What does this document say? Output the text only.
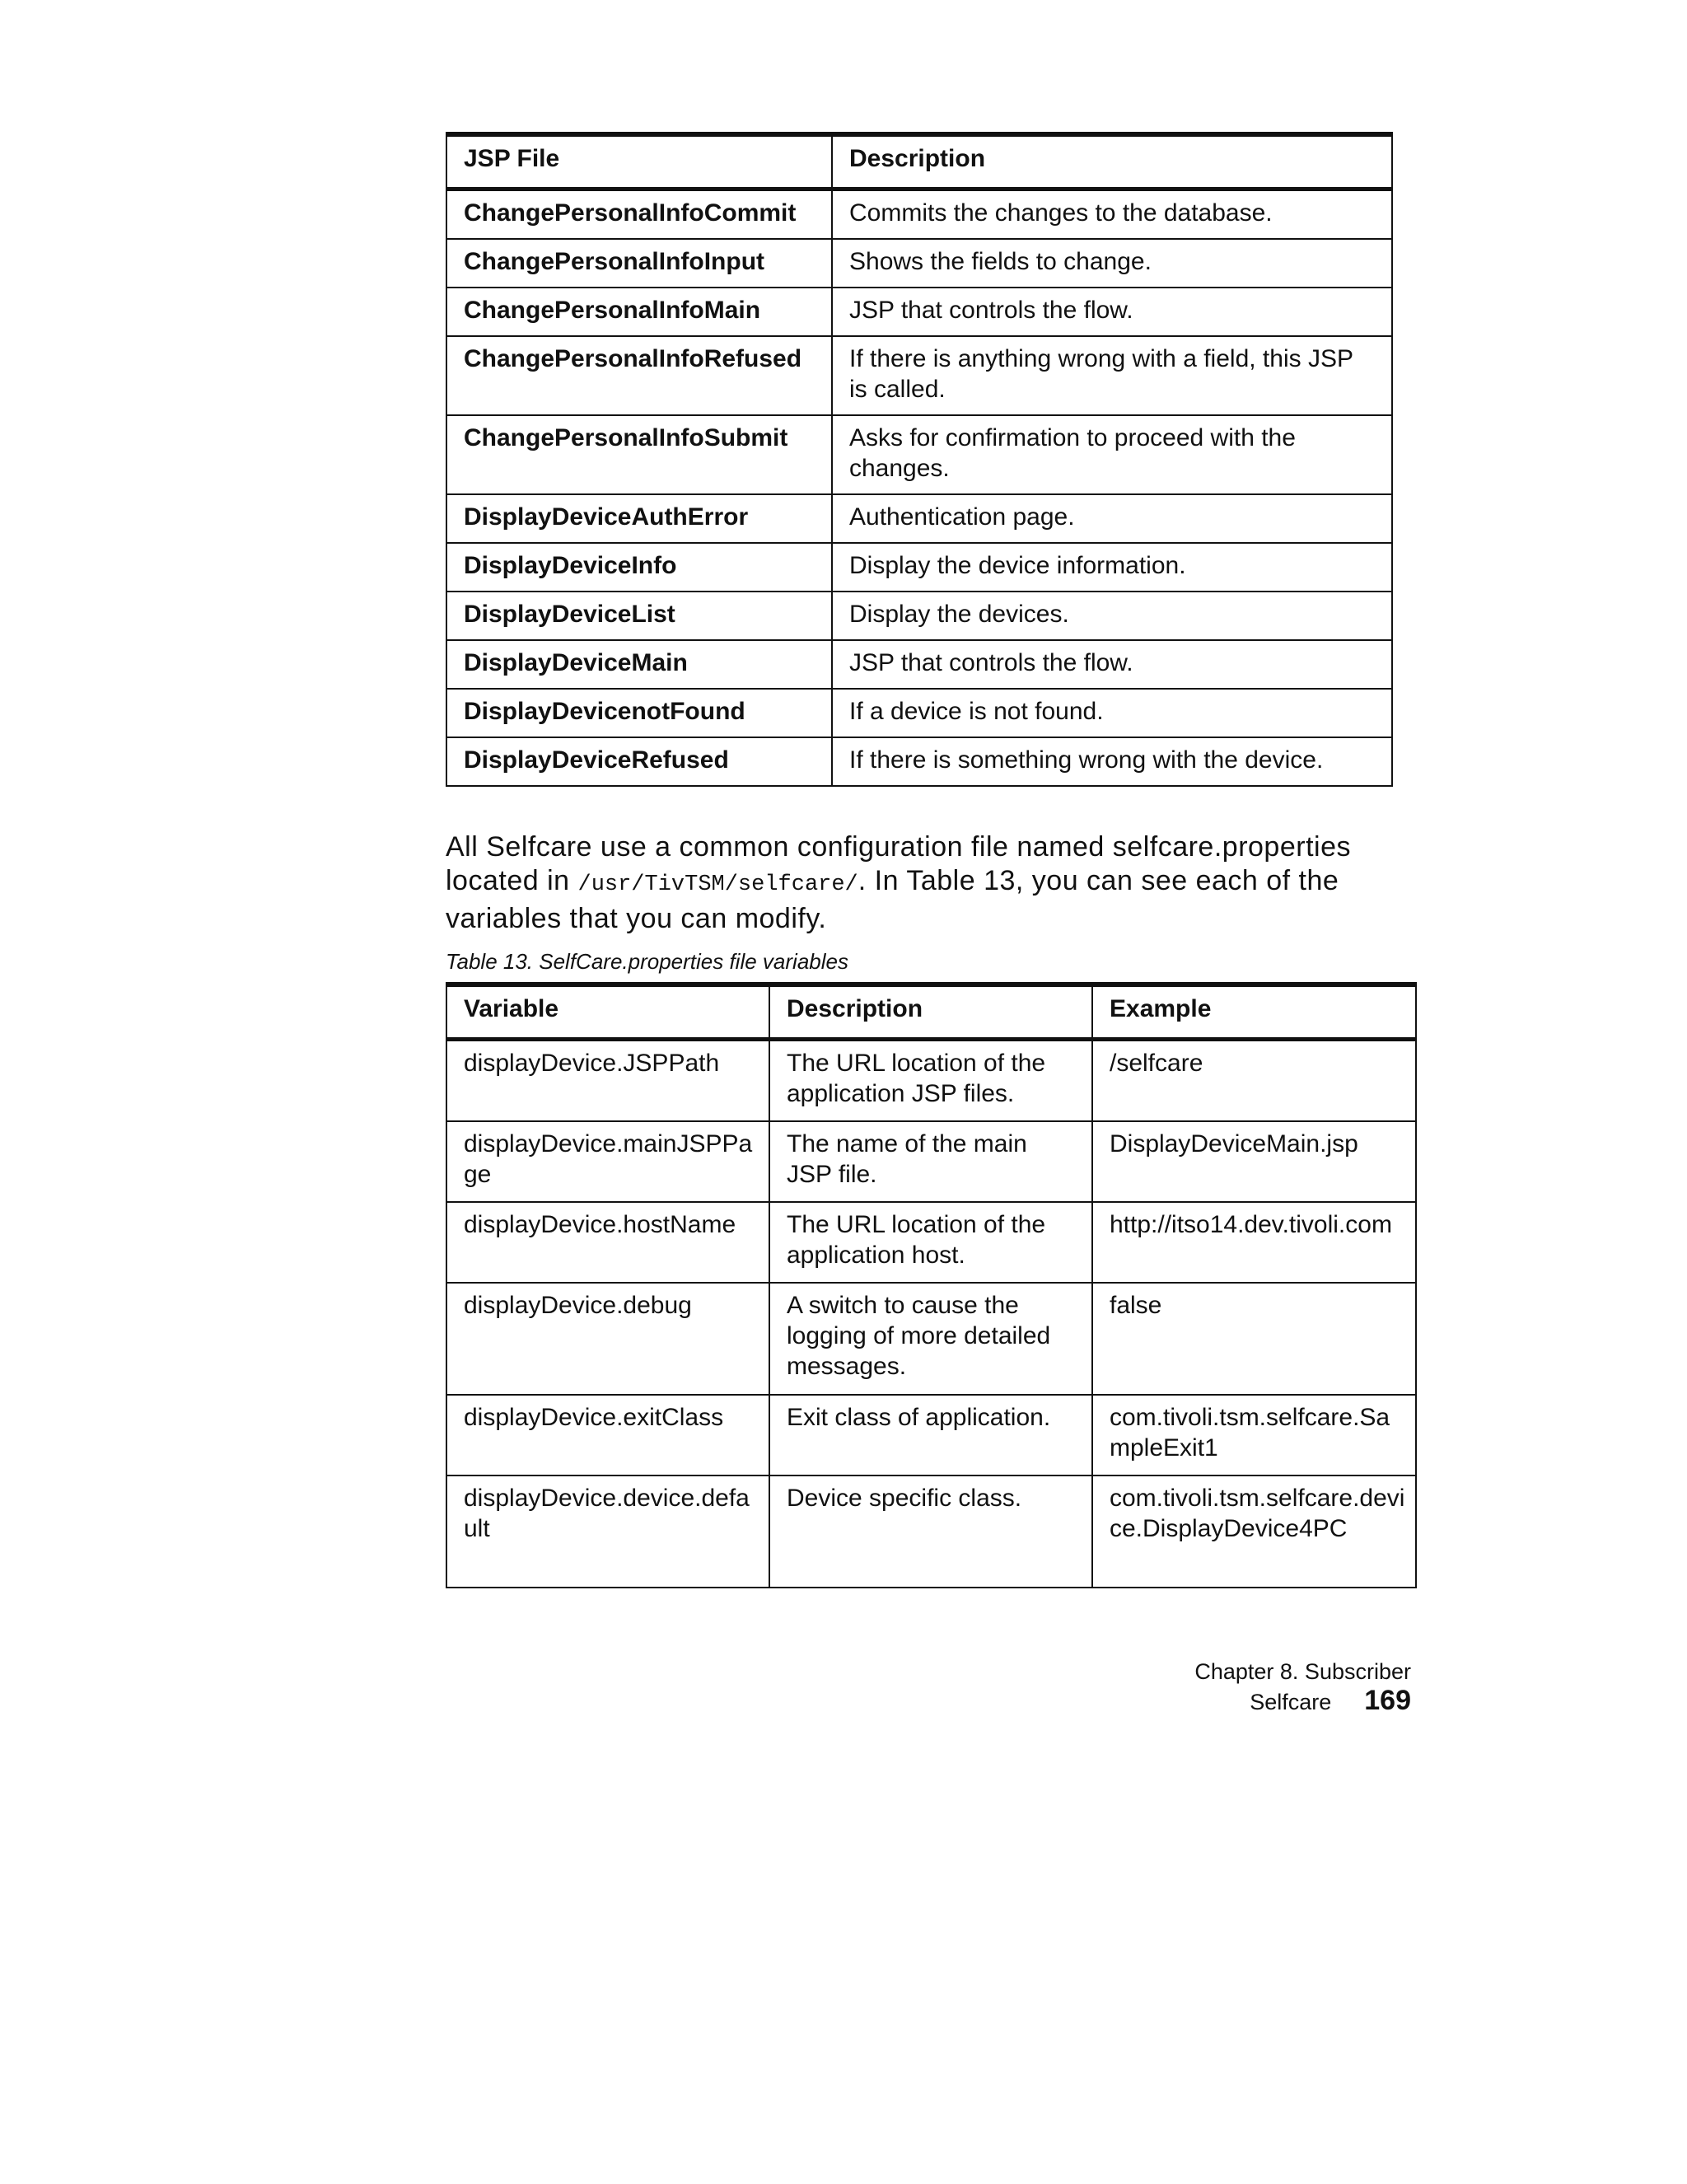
JSP File	Description
ChangePersonalInfoCommit	Commits the changes to the database.
ChangePersonalInfoInput	Shows the fields to change.
ChangePersonalInfoMain	JSP that controls the flow.
ChangePersonalInfoRefused	If there is anything wrong with a field, this JSP is called.
ChangePersonalInfoSubmit	Asks for confirmation to proceed with the changes.
DisplayDeviceAuthError	Authentication page.
DisplayDeviceInfo	Display the device information.
DisplayDeviceList	Display the devices.
DisplayDeviceMain	JSP that controls the flow.
DisplayDevicenotFound	If a device is not found.
DisplayDeviceRefused	If there is something wrong with the device.

All Selfcare use a common configuration file named selfcare.properties located in /usr/TivTSM/selfcare/. In Table 13, you can see each of the variables that you can modify.

Table 13. SelfCare.properties file variables

Variable	Description	Example
displayDevice.JSPPath	The URL location of the application JSP files.	/selfcare
displayDevice.mainJSPPa ge	The name of the main JSP file.	DisplayDeviceMain.jsp
displayDevice.hostName	The URL location of the application host.	http://itso14.dev.tivoli.com
displayDevice.debug	A switch to cause the logging of more detailed messages.	false
displayDevice.exitClass	Exit class of application.	com.tivoli.tsm.selfcare.Sa mpleExit1
displayDevice.device.defa ult	Device specific class.	com.tivoli.tsm.selfcare.devi ce.DisplayDevice4PC
Chapter 8. Subscriber Selfcare 169
